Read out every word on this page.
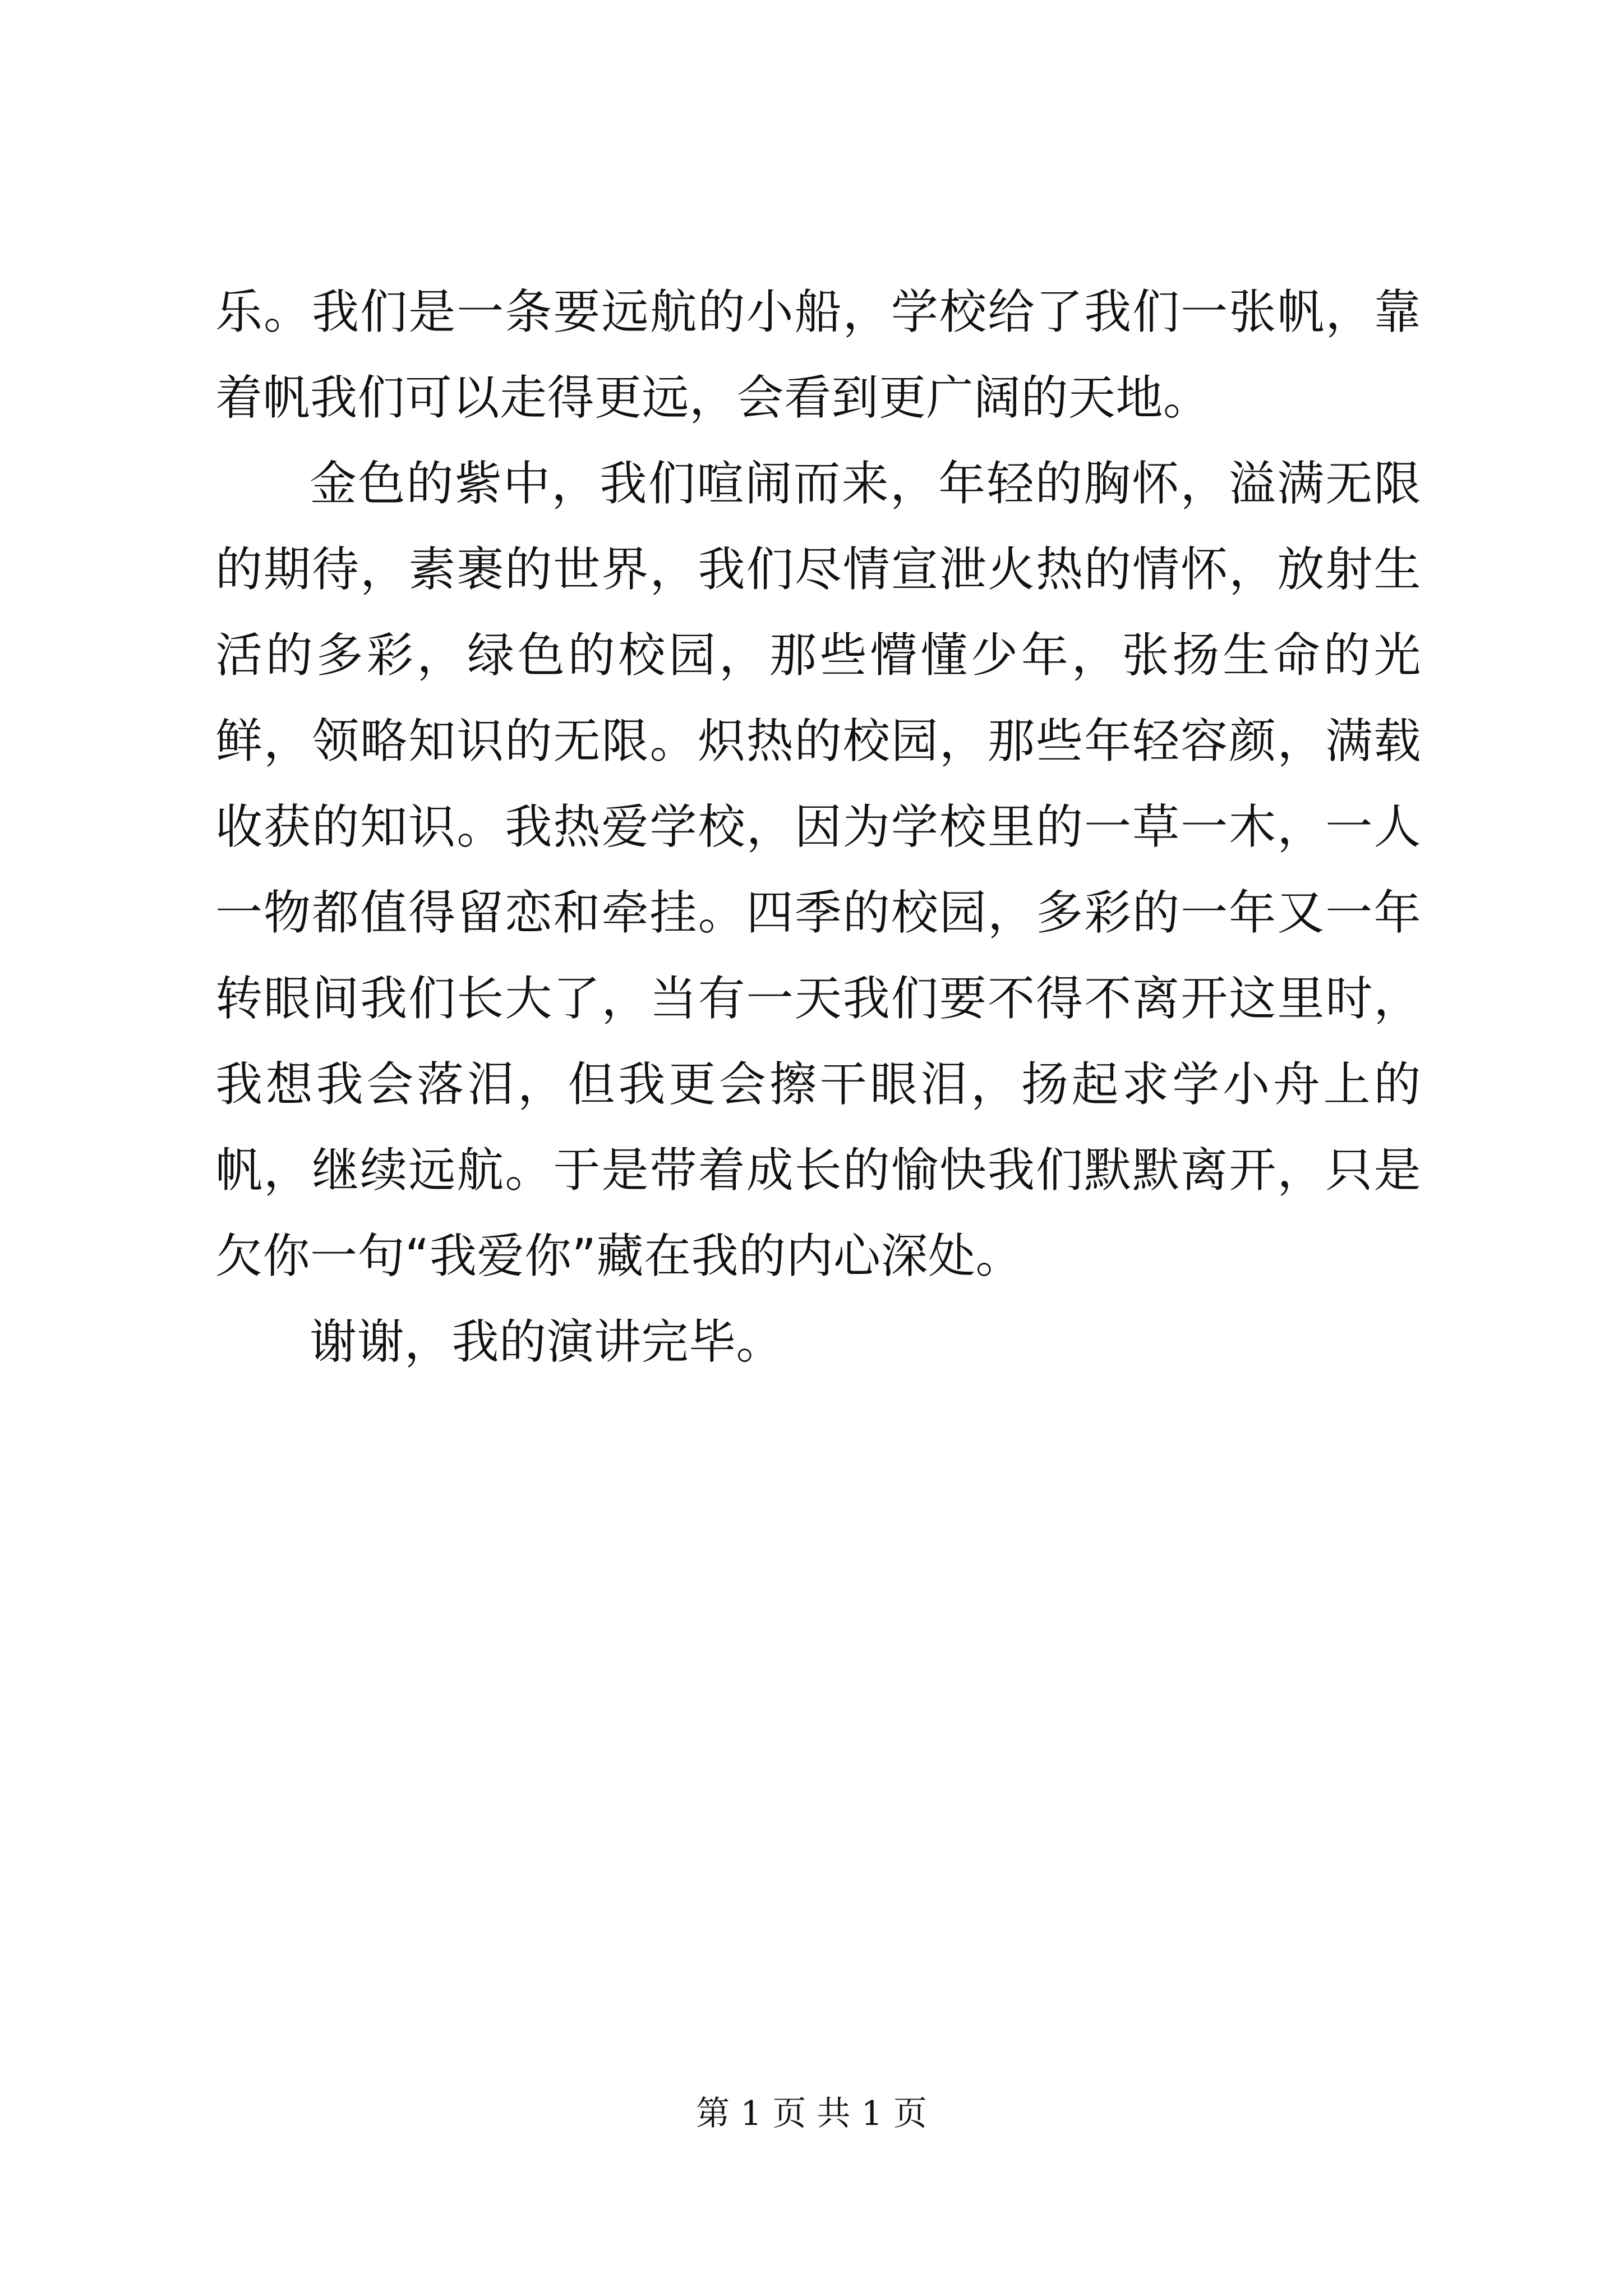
乐。我们是一条要远航的小船，学校给了我们一张帆，靠着帆我们可以走得更远，会看到更广阔的天地。

金色的紫中，我们喧闹而来，年轻的胸怀，溢满无限的期待，素裹的世界，我们尽情宣泄火热的情怀，放射生活的多彩，绿色的校园，那些懵懂少年，张扬生命的光鲜，领略知识的无限。炽热的校园，那些年轻容颜，满载收获的知识。我热爱学校，因为学校里的一草一木，一人一物都值得留恋和牵挂。四季的校园，多彩的一年又一年转眼间我们长大了，当有一天我们要不得不离开这里时，我想我会落泪，但我更会擦干眼泪，扬起求学小舟上的帆，继续远航。于是带着成长的愉快我们默默离开，只是欠你一句“我爱你”藏在我的内心深处。

谢谢，我的演讲完毕。

第 1 页 共 1 页
